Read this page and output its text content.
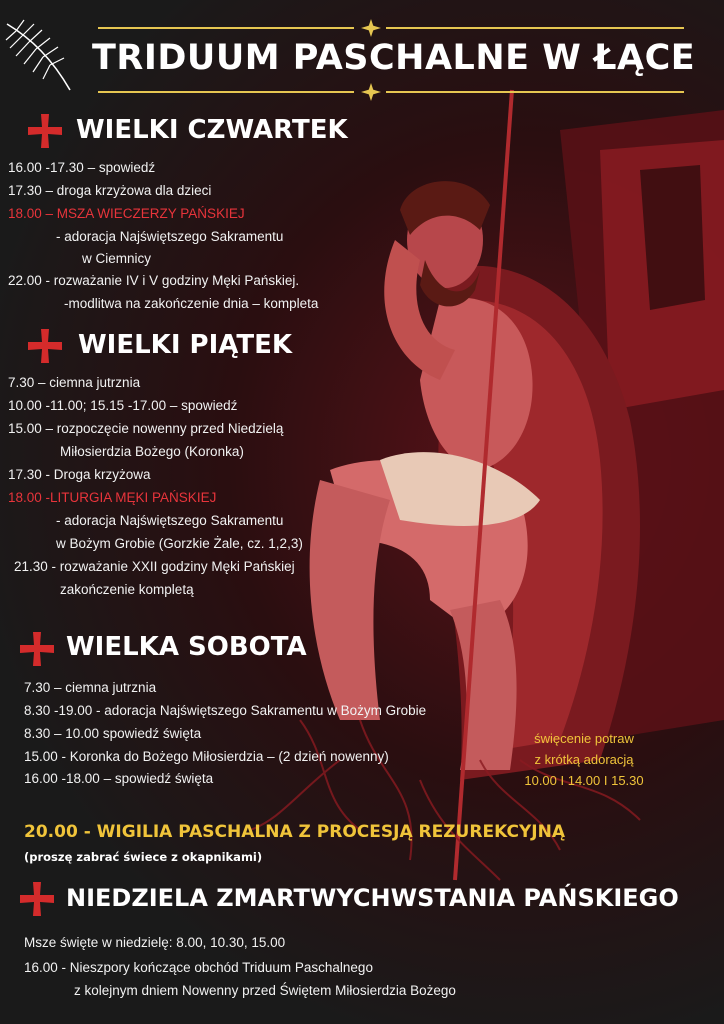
TRIDUUM PASCHALNE W ŁĄCE
WIELKI CZWARTEK
16.00 -17.30 – spowiedź
17.30 – droga krzyżowa dla dzieci
18.00 – MSZA WIECZERZY PAŃSKIEJ
- adoracja Najświętszego Sakramentu
w Ciemnicy
22.00 - rozważanie IV i V godziny Męki Pańskiej.
-modlitwa na zakończenie dnia – kompleta
WIELKI PIĄTEK
7.30 – ciemna jutrznia
10.00 -11.00; 15.15 -17.00 – spowiedź
15.00 – rozpoczęcie nowenny przed Niedzielą
Miłosierdzia Bożego (Koronka)
17.30 - Droga krzyżowa
18.00 -LITURGIA MĘKI PAŃSKIEJ
- adoracja Najświętszego Sakramentu
w Bożym Grobie (Gorzkie Żale, cz. 1,2,3)
21.30 - rozważanie XXII godziny Męki Pańskiej
zakończenie kompletą
WIELKA SOBOTA
7.30 – ciemna jutrznia
8.30 -19.00 - adoracja Najświętszego Sakramentu w Bożym Grobie
8.30 – 10.00 spowiedź święta
15.00 - Koronka do Bożego Miłosierdzia – (2 dzień nowenny)
16.00 -18.00 – spowiedź święta
święcenie potraw
z krótką adoracją
10.00 I 14.00 I 15.30
20.00 - WIGILIA PASCHALNA Z PROCESJĄ REZUREKCYJNĄ
(proszę zabrać świece z okapnikami)
NIEDZIELA ZMARTWYCHWSTANIA PAŃSKIEGO
Msze święte w niedzielę: 8.00, 10.30, 15.00
16.00 - Nieszpory kończące obchód Triduum Paschalnego
z kolejnym dniem Nowenny przed Świętem Miłosierdzia Bożego
